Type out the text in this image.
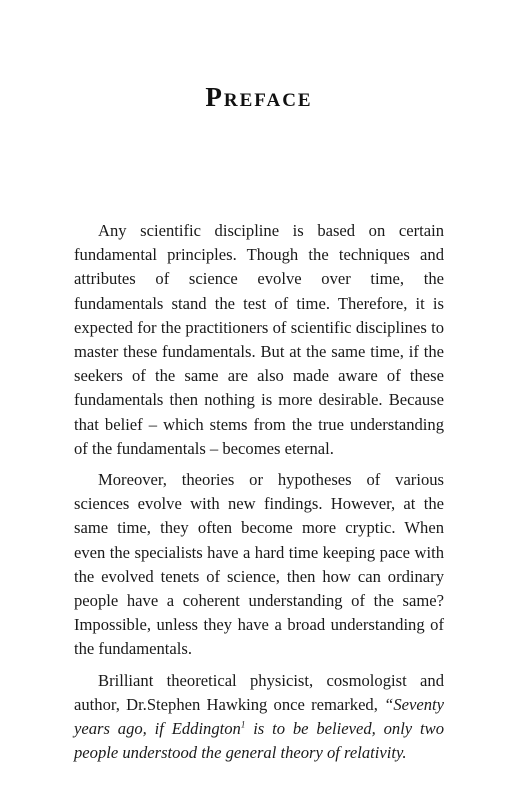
Preface

Any scientific discipline is based on certain fundamental principles. Though the techniques and attributes of science evolve over time, the fundamentals stand the test of time. Therefore, it is expected for the practitioners of scientific disciplines to master these fundamentals. But at the same time, if the seekers of the same are also made aware of these fundamentals then nothing is more desirable. Because that belief – which stems from the true understanding of the fundamentals – becomes eternal.

Moreover, theories or hypotheses of various sciences evolve with new findings. However, at the same time, they often become more cryptic. When even the specialists have a hard time keeping pace with the evolved tenets of science, then how can ordinary people have a coherent understanding of the same? Impossible, unless they have a broad understanding of the fundamentals.

Brilliant theoretical physicist, cosmologist and author, Dr.Stephen Hawking once remarked, “Seventy years ago, if Eddington$^1$ is to be believed, only two people understood the general theory of relativity.
